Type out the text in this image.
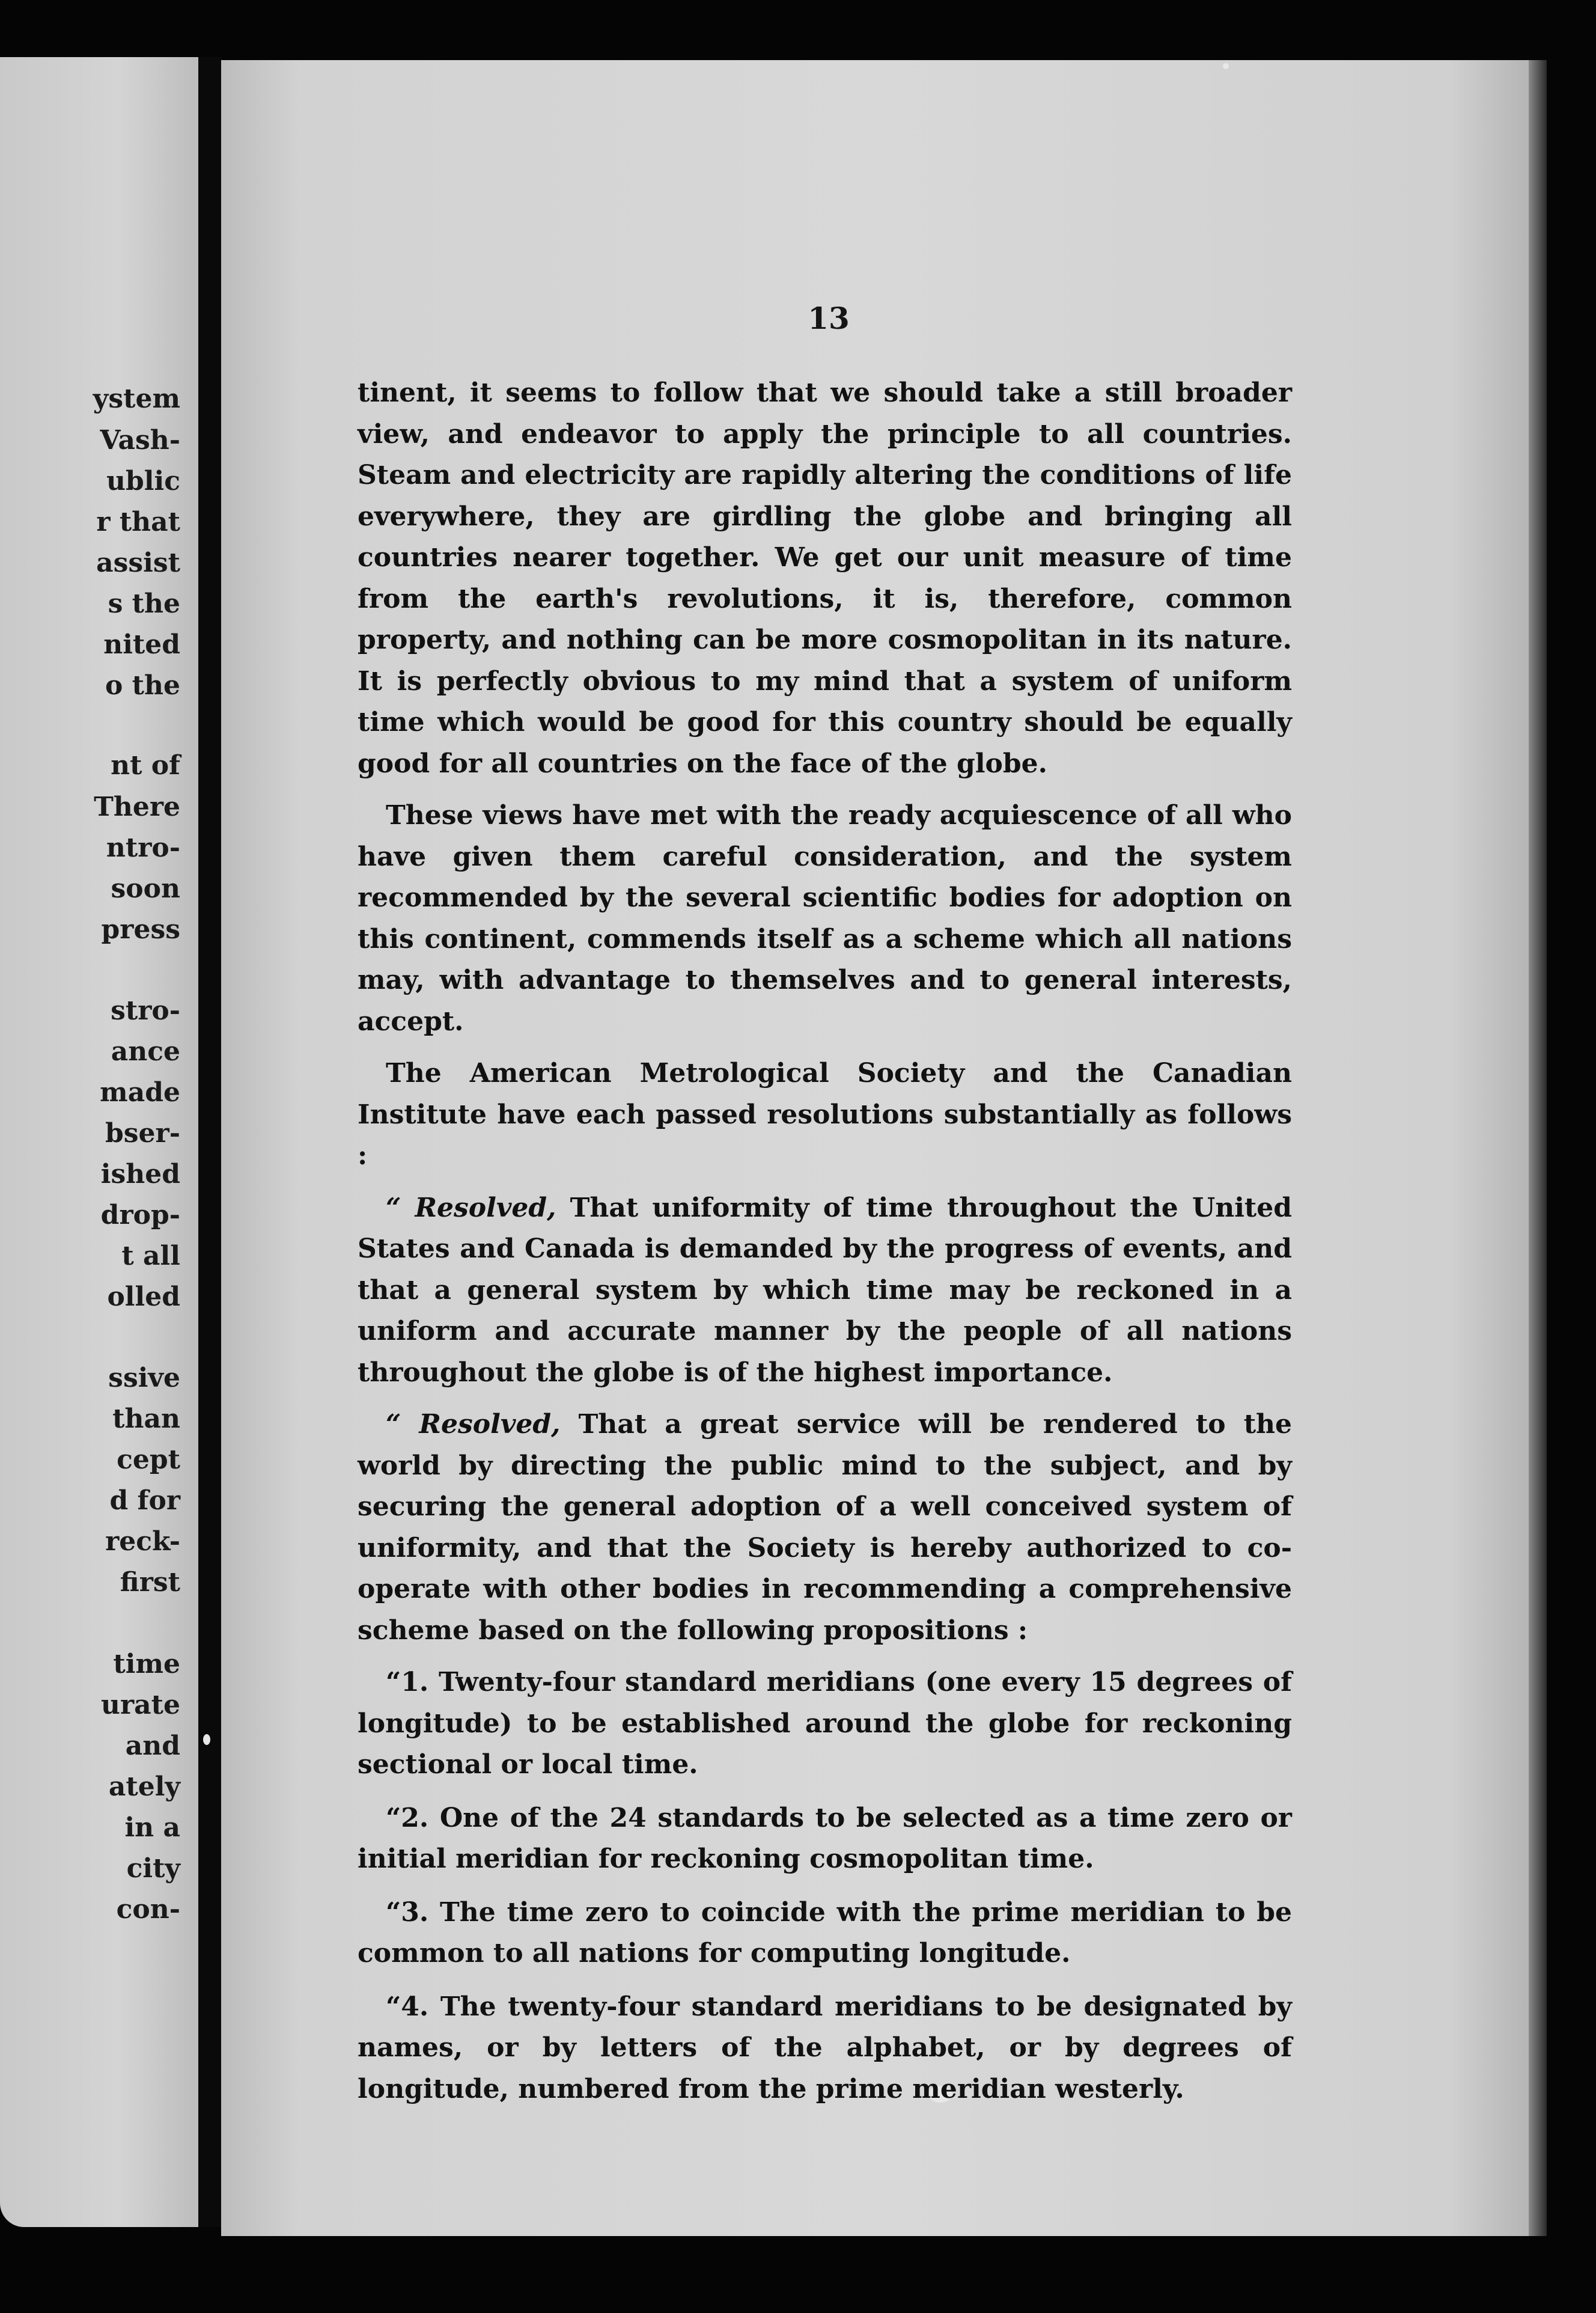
ystem
Vash-
ublic
r that
assist
s the
nited
o the
nt of
There
ntro-
soon
press
stro-
ance
made
bser-
ished
drop-
t all
olled
ssive
than
cept
d for
reck-
first
time
urate
and
ately
in a
city
con-
13

tinent, it seems to follow that we should take a still broader view, and endeavor to apply the principle to all countries. Steam and electricity are rapidly altering the conditions of life everywhere, they are girdling the globe and bringing all countries nearer together. We get our unit measure of time from the earth's revolutions, it is, therefore, common property, and nothing can be more cosmopolitan in its nature. It is perfectly obvious to my mind that a system of uniform time which would be good for this country should be equally good for all countries on the face of the globe.

These views have met with the ready acquiescence of all who have given them careful consideration, and the system recommended by the several scientific bodies for adoption on this continent, commends itself as a scheme which all nations may, with advantage to themselves and to general interests, accept.

The American Metrological Society and the Canadian Institute have each passed resolutions substantially as follows :

“ Resolved, That uniformity of time throughout the United States and Canada is demanded by the progress of events, and that a general system by which time may be reckoned in a uniform and accurate manner by the people of all nations throughout the globe is of the highest importance.

“ Resolved, That a great service will be rendered to the world by directing the public mind to the subject, and by securing the general adoption of a well conceived system of uniformity, and that the Society is hereby authorized to co-operate with other bodies in recommending a comprehensive scheme based on the following propositions :

“1. Twenty-four standard meridians (one every 15 degrees of longitude) to be established around the globe for reckoning sectional or local time.

“2. One of the 24 standards to be selected as a time zero or initial meridian for reckoning cosmopolitan time.

“3. The time zero to coincide with the prime meridian to be common to all nations for computing longitude.

“4. The twenty-four standard meridians to be designated by names, or by letters of the alphabet, or by degrees of longitude, numbered from the prime meridian westerly.
